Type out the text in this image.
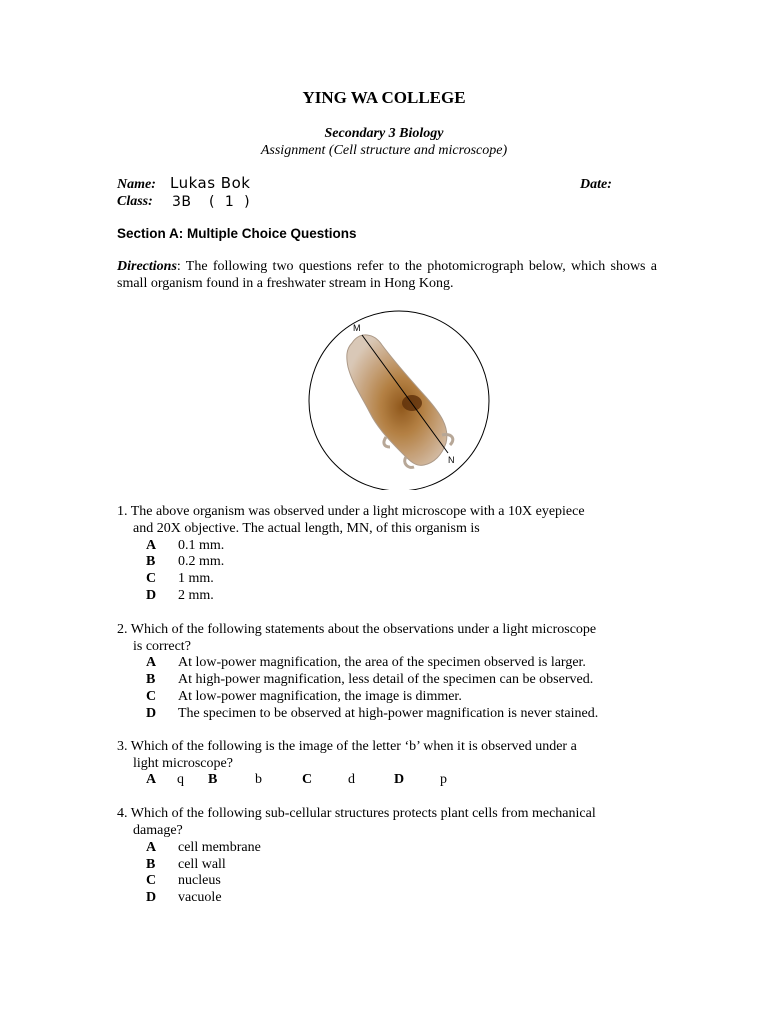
YING WA COLLEGE
Secondary 3 Biology
Assignment (Cell structure and microscope)
Name: Lukas Bok	Date:
Class: 3B (  1  )
Section A: Multiple Choice Questions
Directions: The following two questions refer to the photomicrograph below, which shows a small organism found in a freshwater stream in Hong Kong.
M
N
1. The above organism was observed under a light microscope with a 10X eyepiece
and 20X objective. The actual length, MN, of this organism is
A 0.1 mm.
B 0.2 mm.
C 1 mm.
D 2 mm.
2. Which of the following statements about the observations under a light microscope
is correct?
A At low-power magnification, the area of the specimen observed is larger.
B At high-power magnification, less detail of the specimen can be observed.
C At low-power magnification, the image is dimmer.
D The specimen to be observed at high-power magnification is never stained.
3. Which of the following is the image of the letter ‘b’ when it is observed under a
light microscope?
A q B	b	C	d	D	p
4. Which of the following sub-cellular structures protects plant cells from mechanical
damage?
A cell membrane
B cell wall
C nucleus
D vacuole
